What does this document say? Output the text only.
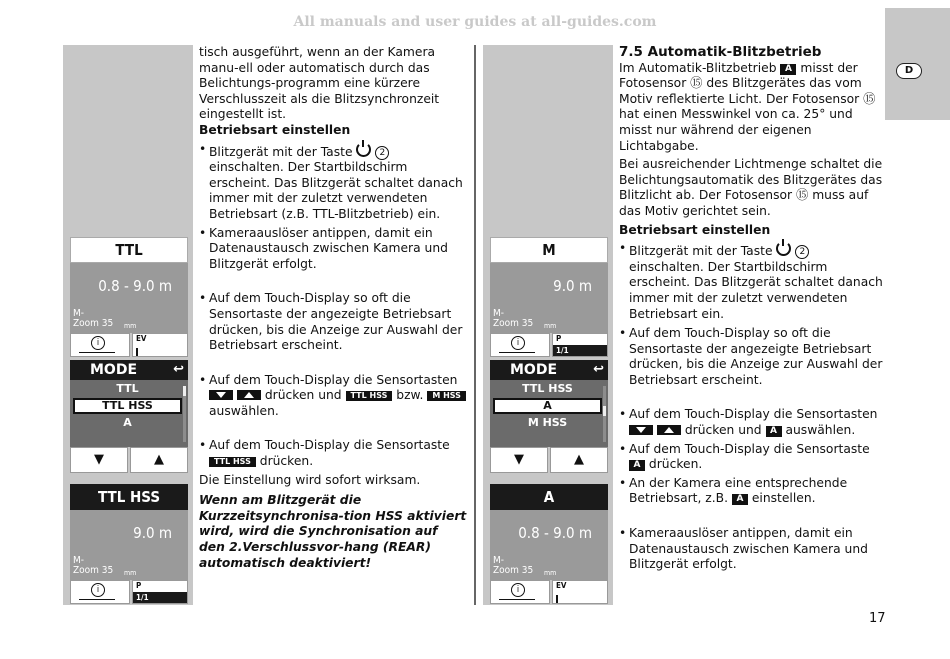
All manuals and user guides at all-guides.com
D
TTL
0.8 - 9.0 m
M-
Zoom 35 mm
i	EV
MODE	↩
TTL
TTL HSS
A
▼	▲
TTL HSS
9.0 m
M-
Zoom 35 mm
i	P
1/1
M
9.0 m
M-
Zoom 35 mm
i	P
1/1
MODE	↩
TTL HSS
A
M HSS
▼	▲
A
0.8 - 9.0 m
M-
Zoom 35 mm
i	EV

tisch ausgeführt, wenn an der Kamera manu-ell oder automatisch durch das Belichtungs-programm eine kürzere Verschlusszeit als die Blitzsynchronzeit eingestellt ist.

Betriebsart einstellen

• Blitzgerät mit der Taste	2 einschalten. Der Startbildschirm erscheint. Das Blitzgerät schaltet danach immer mit der zuletzt verwendeten Betriebsart (z.B. TTL-Blitzbetrieb) ein.

• Kameraauslöser antippen, damit ein Datenaustausch zwischen Kamera und Blitzgerät erfolgt.

• Auf dem Touch-Display so oft die Sensortaste der angezeigte Betriebsart drücken, bis die Anzeige zur Auswahl der Betriebsart erscheint.

• Auf dem Touch-Display die Sensortasten   drücken und TTL HSS bzw. M HSS auswählen.

• Auf dem Touch-Display die Sensortaste TTL HSS drücken.

Die Einstellung wird sofort wirksam.

Wenn am Blitzgerät die Kurzzeitsynchronisa-tion HSS aktiviert wird, wird die Synchronisation auf den 2.Verschlussvor-hang (REAR) automatisch deaktiviert!

7.5 Automatik-Blitzbetrieb

Im Automatik-Blitzbetrieb A misst der Fotosensor ⑮ des Blitzgerätes das vom Motiv reflektierte Licht. Der Fotosensor ⑮ hat einen Messwinkel von ca. 25° und misst nur während der eigenen Lichtabgabe.

Bei ausreichender Lichtmenge schaltet die Belichtungsautomatik des Blitzgerätes das Blitzlicht ab. Der Fotosensor ⑮ muss auf das Motiv gerichtet sein.

Betriebsart einstellen

• Blitzgerät mit der Taste	2 einschalten. Der Startbildschirm erscheint. Das Blitzgerät schaltet danach immer mit der zuletzt verwendeten Betriebsart ein.

• Auf dem Touch-Display so oft die Sensortaste der angezeigte Betriebsart drücken, bis die Anzeige zur Auswahl der Betriebsart erscheint.

• Auf dem Touch-Display die Sensortasten   drücken und A auswählen.

• Auf dem Touch-Display die Sensortaste A drücken.

• An der Kamera eine entsprechende Betriebsart, z.B. A einstellen.

• Kameraauslöser antippen, damit ein Datenaustausch zwischen Kamera und Blitzgerät erfolgt.

17
